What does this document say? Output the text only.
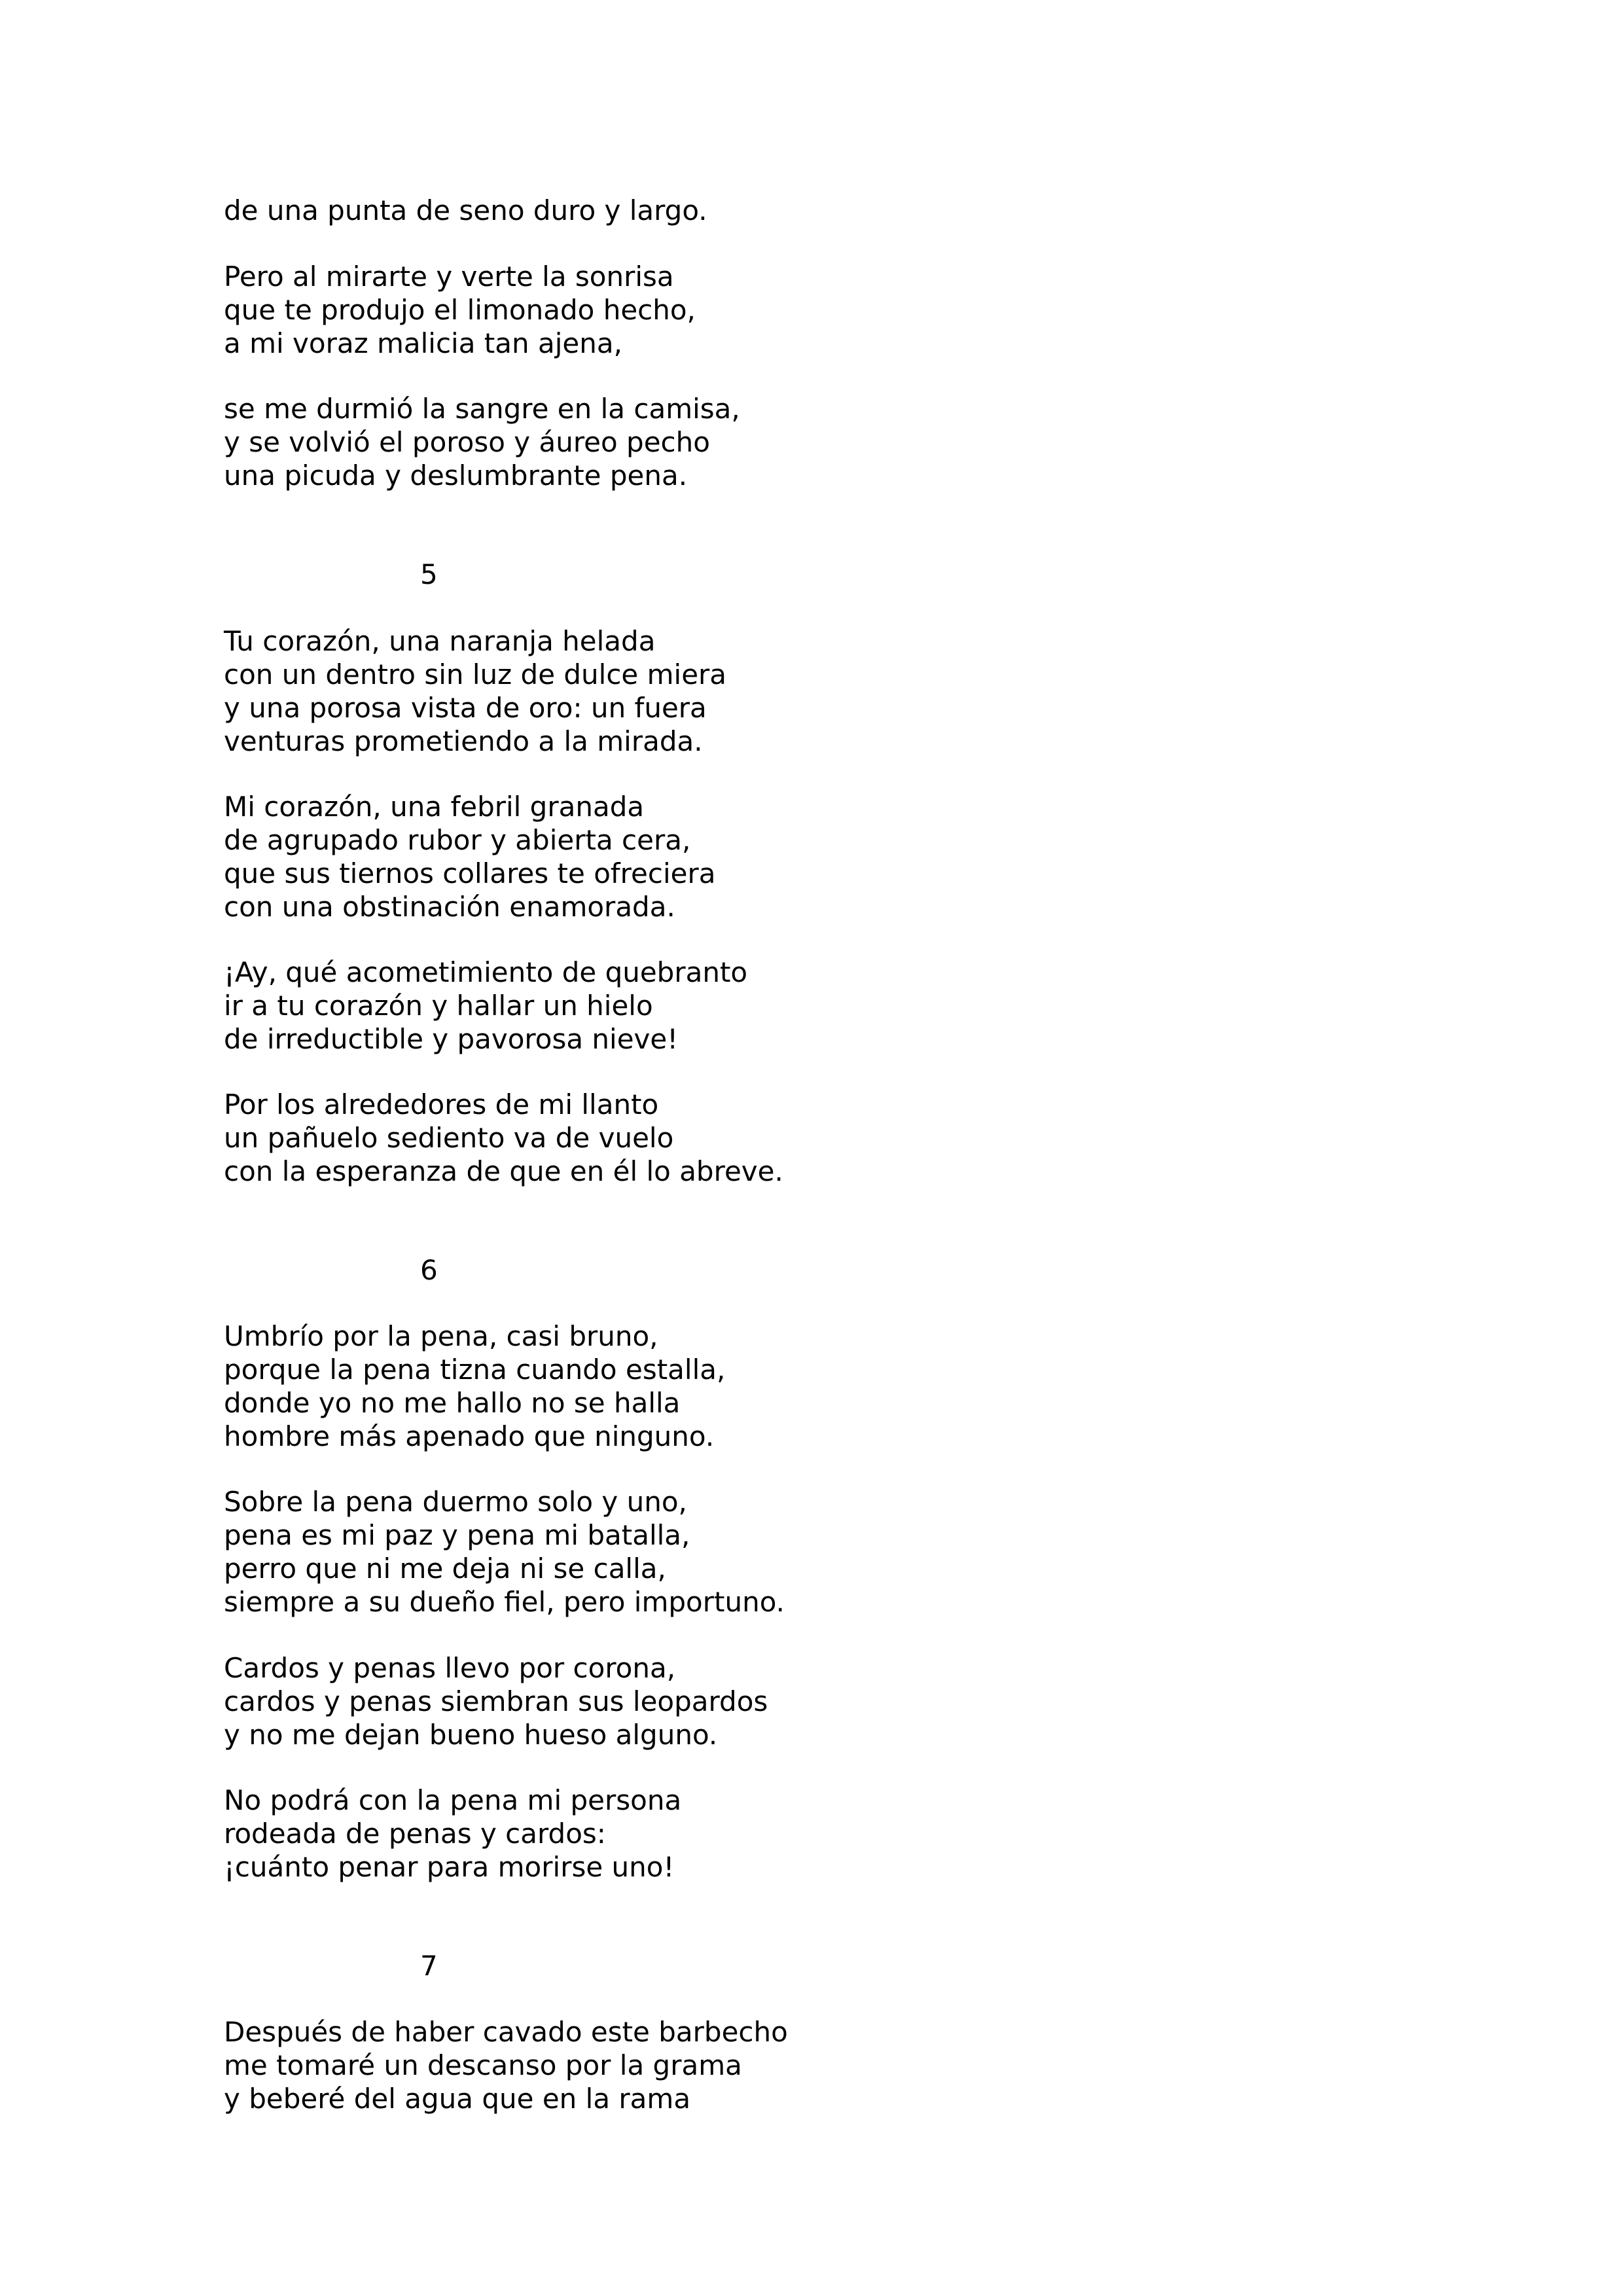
de una punta de seno duro y largo.
Pero al mirarte y verte la sonrisa
que te produjo el limonado hecho,
a mi voraz malicia tan ajena,
se me durmió la sangre en la camisa,
y se volvió el poroso y áureo pecho
una picuda y deslumbrante pena.

5

Tu corazón, una naranja helada
con un dentro sin luz de dulce miera
y una porosa vista de oro: un fuera
venturas prometiendo a la mirada.
Mi corazón, una febril granada
de agrupado rubor y abierta cera,
que sus tiernos collares te ofreciera
con una obstinación enamorada.
¡Ay, qué acometimiento de quebranto
ir a tu corazón y hallar un hielo
de irreductible y pavorosa nieve!
Por los alrededores de mi llanto
un pañuelo sediento va de vuelo
con la esperanza de que en él lo abreve.

6

Umbrío por la pena, casi bruno,
porque la pena tizna cuando estalla,
donde yo no me hallo no se halla
hombre más apenado que ninguno.
Sobre la pena duermo solo y uno,
pena es mi paz y pena mi batalla,
perro que ni me deja ni se calla,
siempre a su dueño fiel, pero importuno.
Cardos y penas llevo por corona,
cardos y penas siembran sus leopardos
y no me dejan bueno hueso alguno.
No podrá con la pena mi persona
rodeada de penas y cardos:
¡cuánto penar para morirse uno!

7

Después de haber cavado este barbecho
me tomaré un descanso por la grama
y beberé del agua que en la rama
